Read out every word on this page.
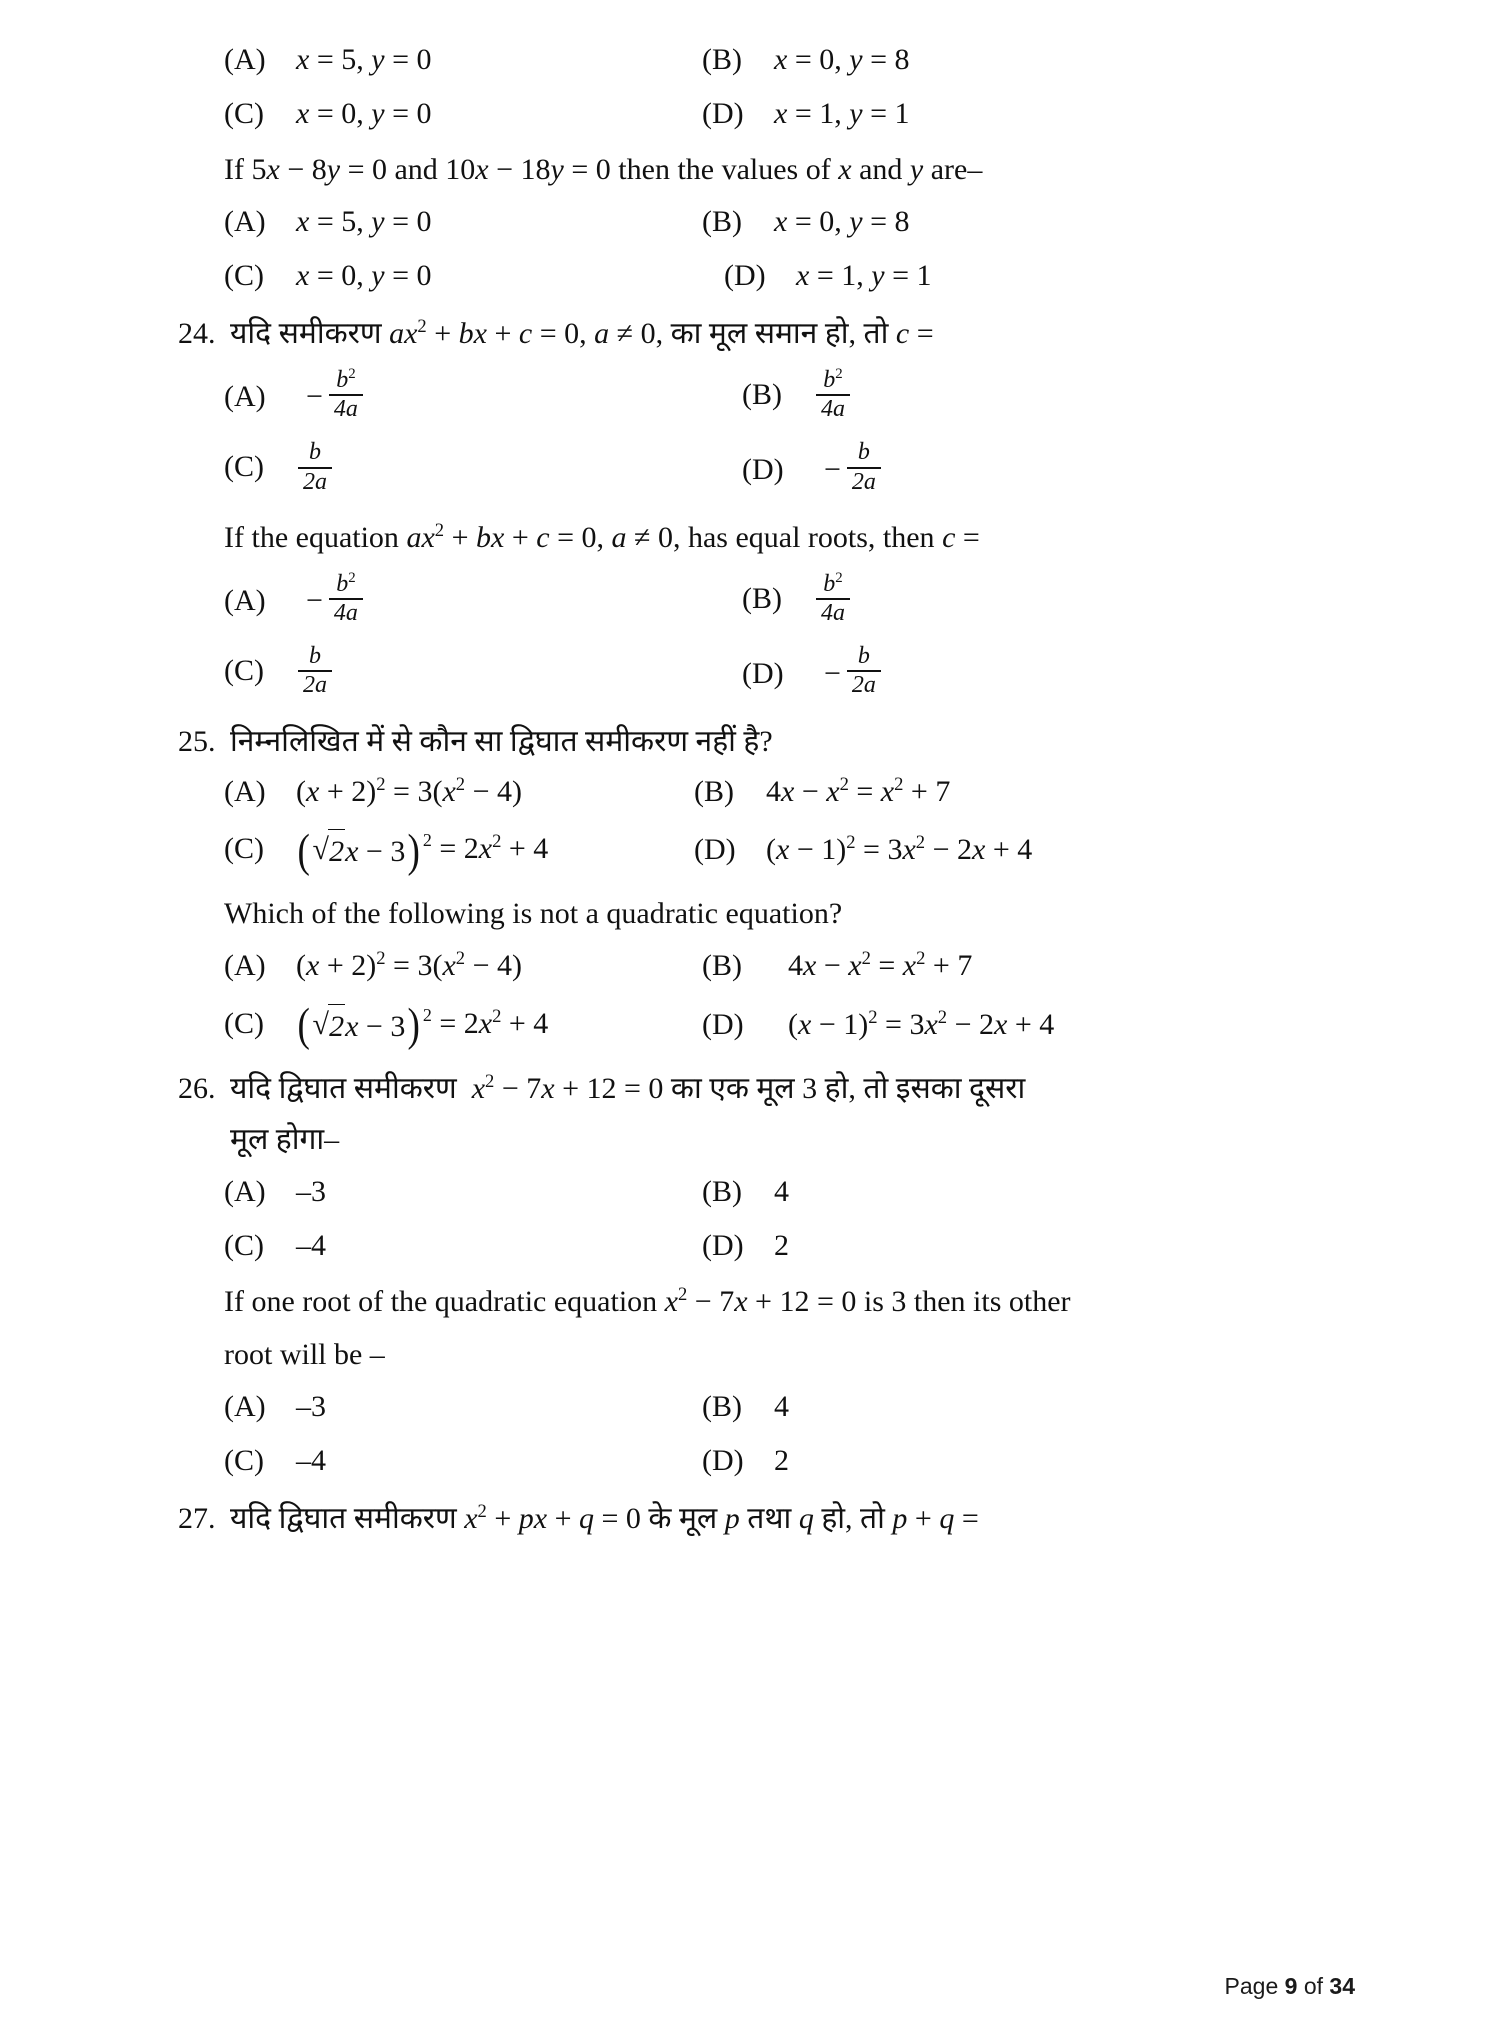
(A)	x = 5, y = 0	(B)	x = 0, y = 8
(C)	x = 0, y = 0	(D)	x = 1, y = 1
If 5x − 8y = 0 and 10x − 18y = 0 then the values of x and y are–
(A)	x = 5, y = 0	(B)	x = 0, y = 8
(C)	x = 0, y = 0	(D)	x = 1, y = 1
24. यदि समीकरण $ax^2$ + bx + c = 0, a ≠ 0, का मूल समान हो, तो c =
(A)	− $\frac{b^2}{4a}$	(B)	$\frac{b^2}{4a}$
(C)	$\frac{b}{2a}$	(D)	− $\frac{b}{2a}$
If the equation $ax^2$ + bx + c = 0, a ≠ 0, has equal roots, then c =
(A)	− $\frac{b^2}{4a}$	(B)	$\frac{b^2}{4a}$
(C)	$\frac{b}{2a}$	(D)	− $\frac{b}{2a}$
25. निम्नलिखित में से कौन सा द्विघात समीकरण नहीं है?
(A)	$(x + 2)^2 = 3(x^2 - 4)$	(B)	$4x - x^2 = x^2 + 7$
(C) ( √ 2x − 3 ) $2 = 2x^2 + 4$	(D)	$(x - 1)^2 = 3x^2 - 2x + 4$
Which of the following is not a quadratic equation?
(A)	$(x + 2)^2 = 3(x^2 - 4)$	(B)	$4x - x^2 = x^2 + 7$
(C) ( √ 2x − 3 ) $2 = 2x^2 + 4$	(D)	$(x - 1)^2 = 3x^2 - 2x + 4$
26. यदि द्विघात समीकरण  $x^2 - 7x + 12 = 0$ का एक मूल 3 हो, तो इसका दूसरा
मूल होगा–
(A)	–3	(B)	4
(C)	–4	(D)	2
If one root of the quadratic equation $x^2 - 7x + 12 = 0$ is 3 then its other
root will be –
(A)	–3	(B)	4
(C)	–4	(D)	2
27. यदि द्विघात समीकरण $x^2$ + px + q = 0 के मूल p तथा q हो, तो p + q =
Page 9 of 34
